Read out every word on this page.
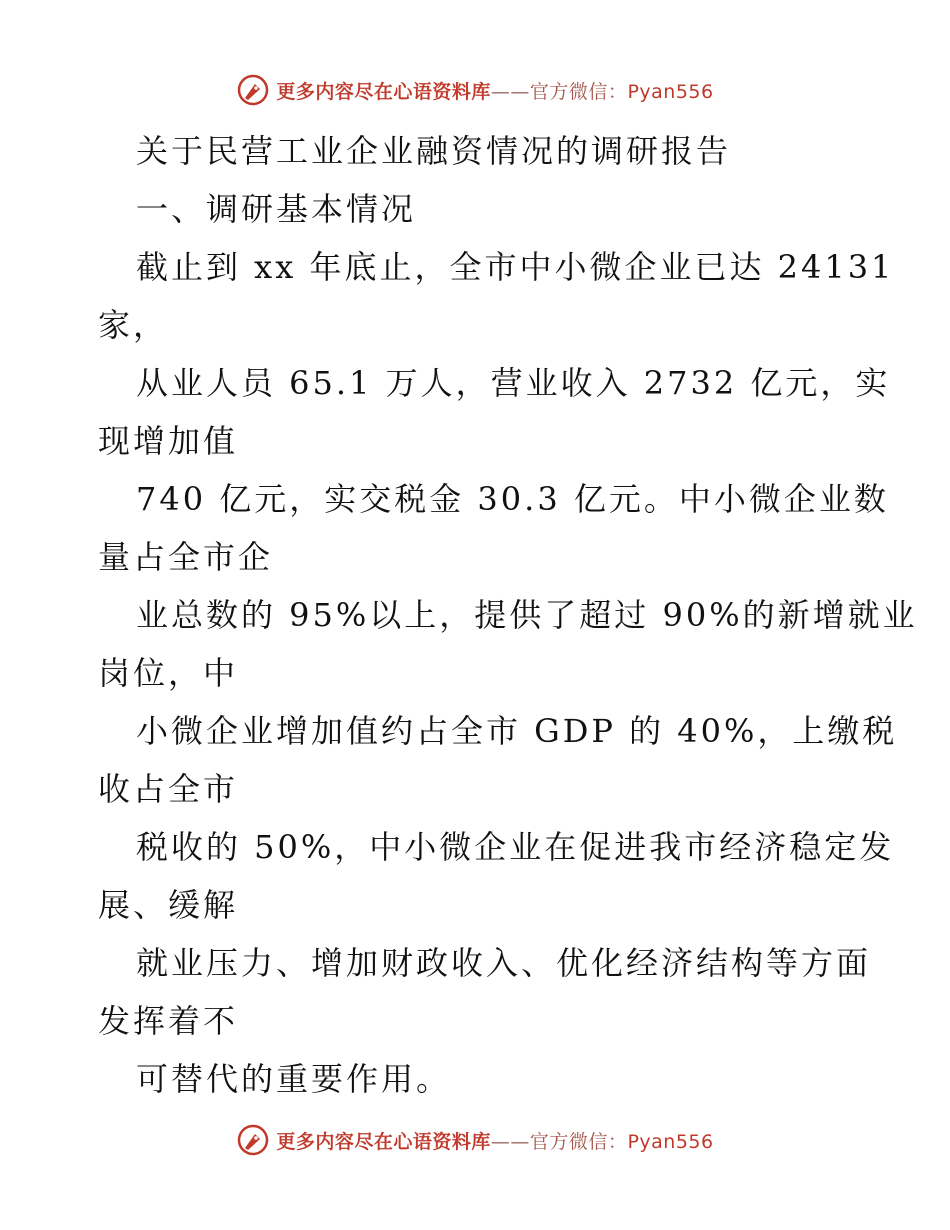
更多内容尽在心语资料库——官方微信：Pyan556
关于民营工业企业融资情况的调研报告
一、调研基本情况
截止到 xx 年底止，全市中小微企业已达 24131
家，
从业人员 65.1 万人，营业收入 2732 亿元，实
现增加值
740 亿元，实交税金 30.3 亿元。中小微企业数
量占全市企
业总数的 95%以上，提供了超过 90%的新增就业
岗位，中
小微企业增加值约占全市 GDP 的 40%，上缴税
收占全市
税收的 50%，中小微企业在促进我市经济稳定发
展、缓解
就业压力、增加财政收入、优化经济结构等方面
发挥着不
可替代的重要作用。
更多内容尽在心语资料库——官方微信：Pyan556
